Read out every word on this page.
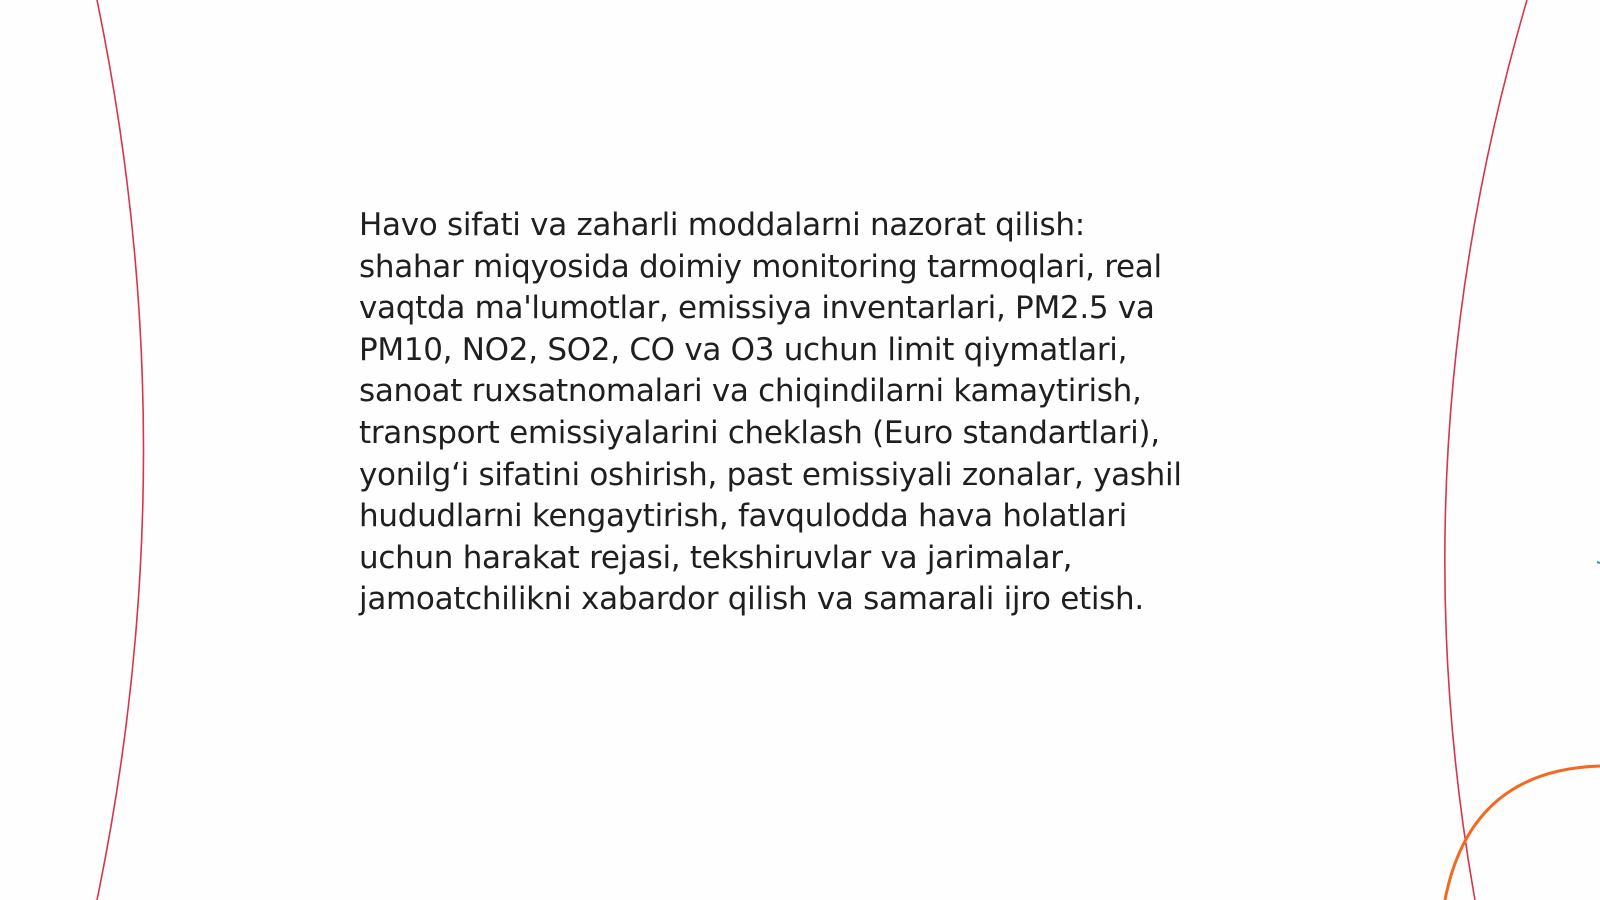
Havo sifati va zaharli moddalarni nazorat qilish:
shahar miqyosida doimiy monitoring tarmoqlari, real
vaqtda ma'lumotlar, emissiya inventarlari, PM2.5 va
PM10, NO2, SO2, CO va O3 uchun limit qiymatlari,
sanoat ruxsatnomalari va chiqindilarni kamaytirish,
transport emissiyalarini cheklash (Euro standartlari),
yonilg‘i sifatini oshirish, past emissiyali zonalar, yashil
hududlarni kengaytirish, favqulodda hava holatlari
uchun harakat rejasi, tekshiruvlar va jarimalar,
jamoatchilikni xabardor qilish va samarali ijro etish.
